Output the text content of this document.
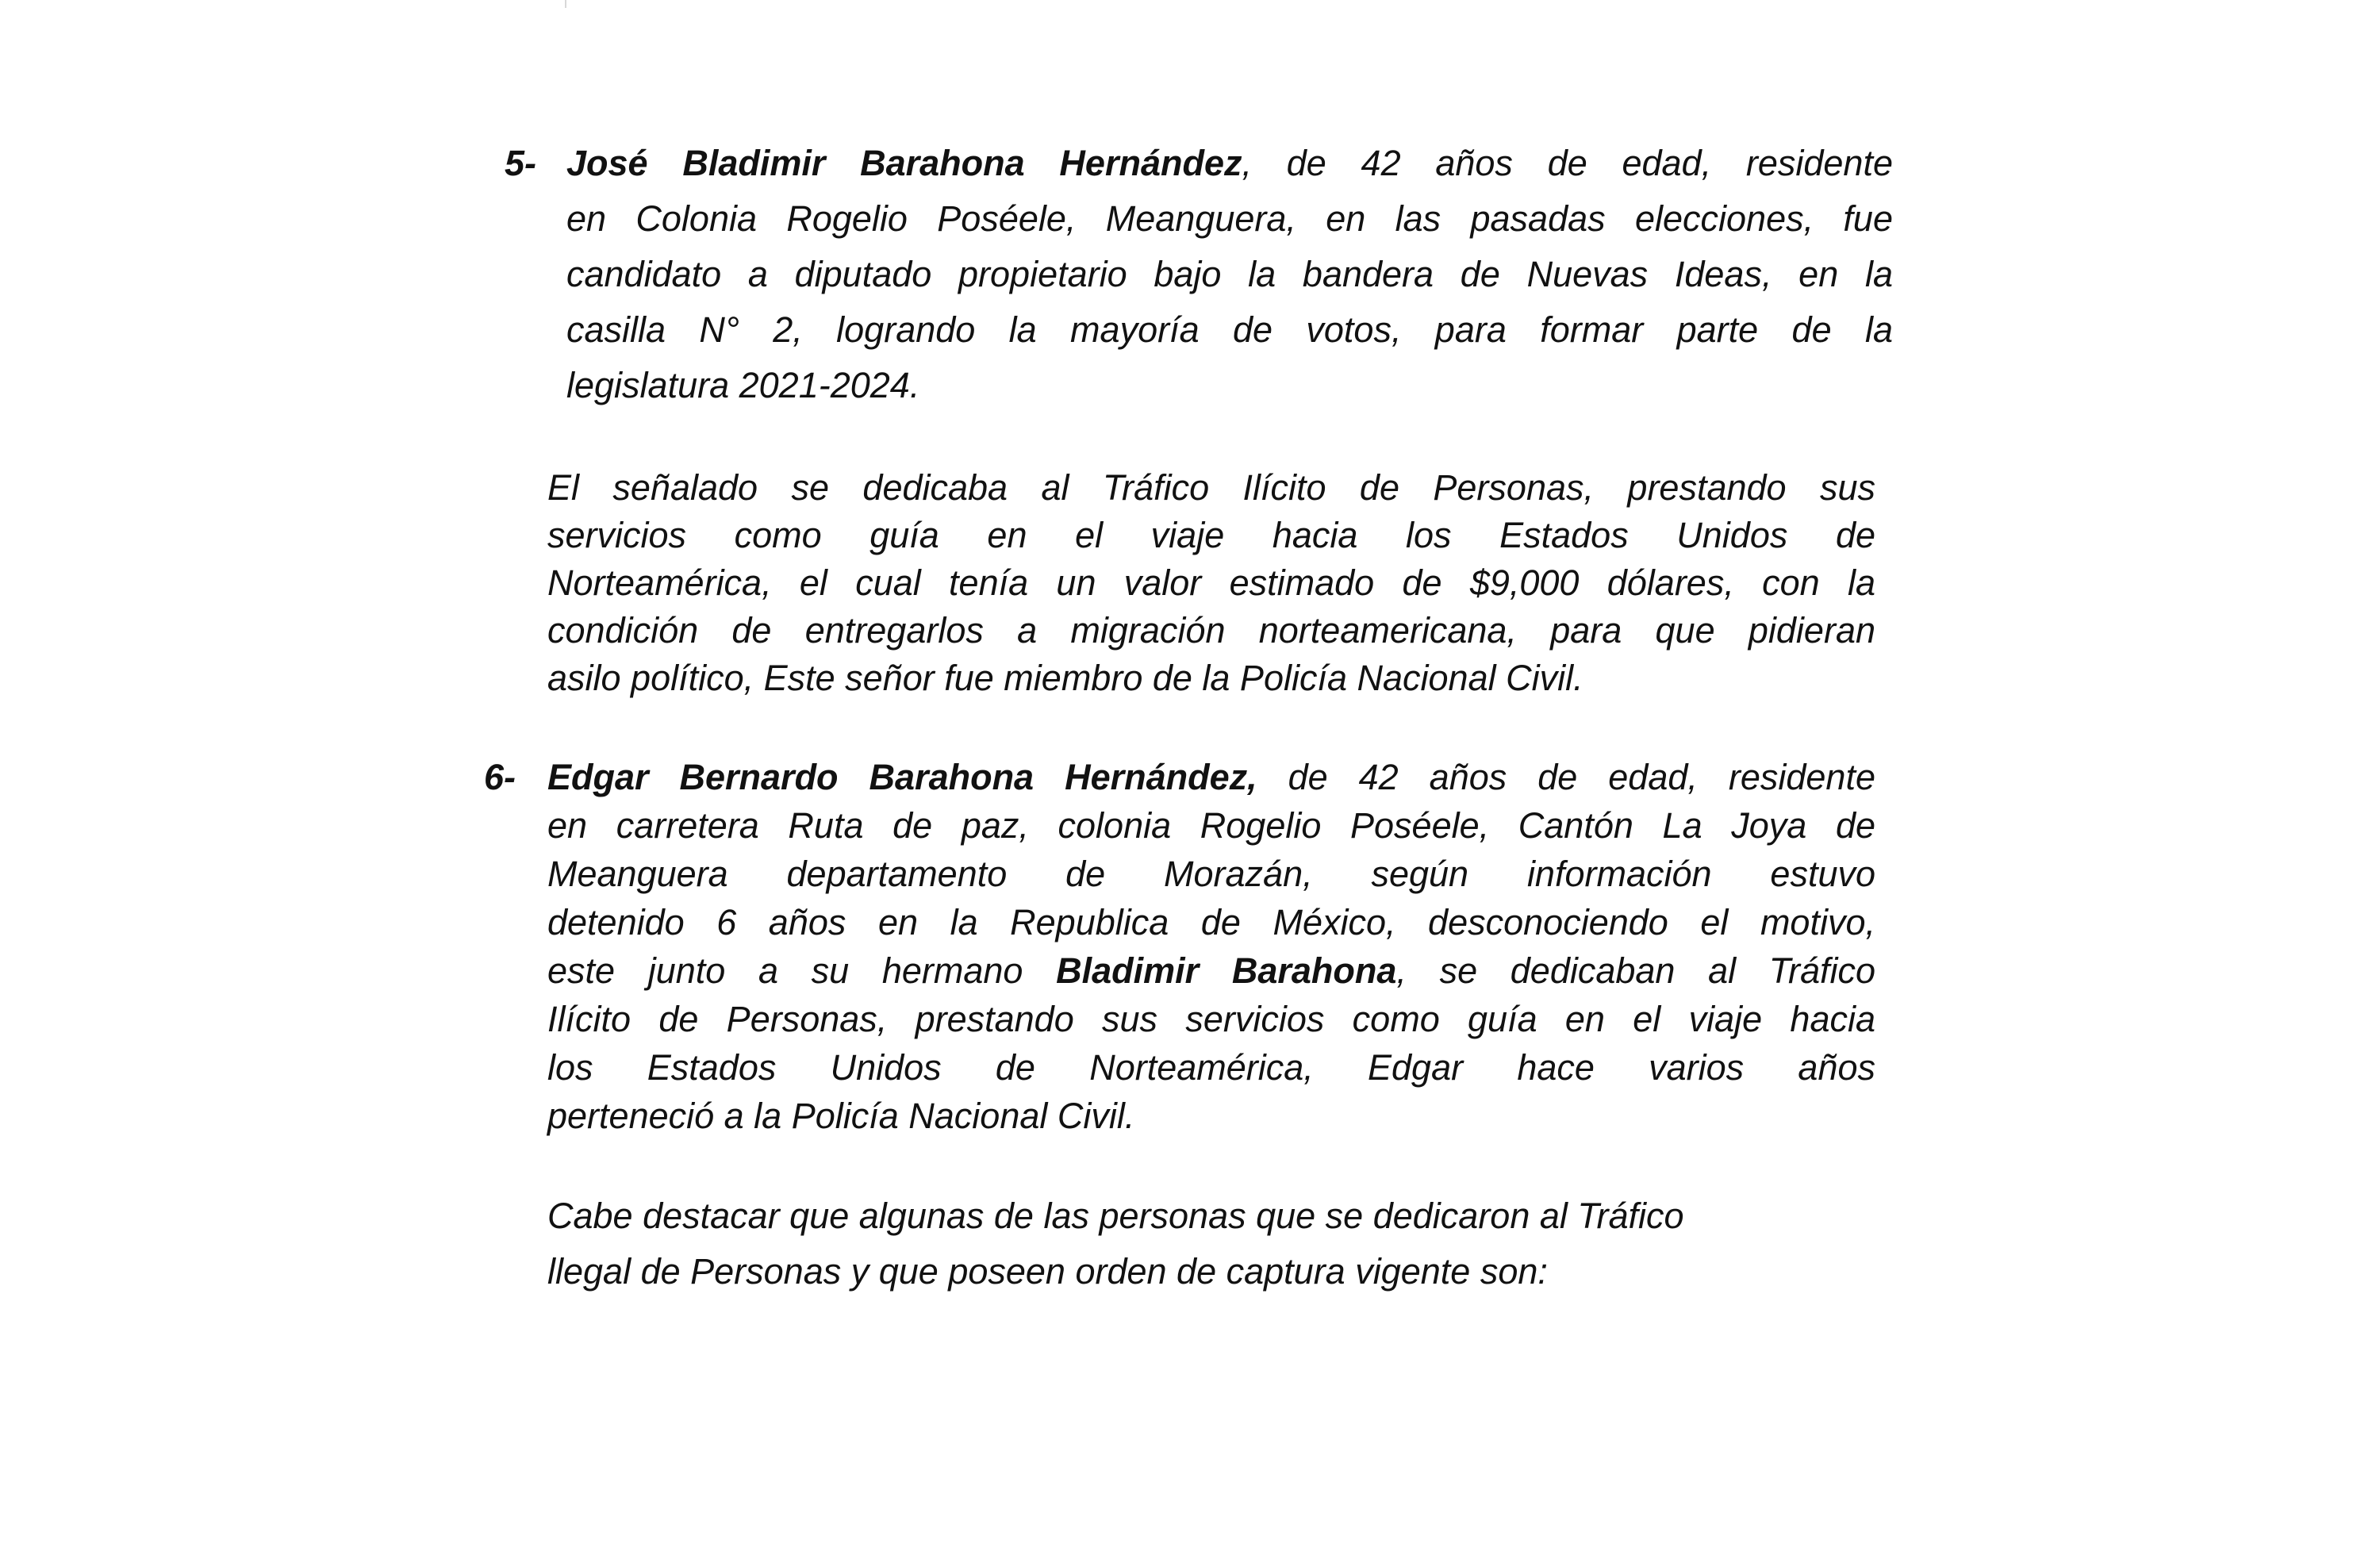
5- José Bladimir Barahona Hernández, de 42 años de edad, residente
en Colonia Rogelio Poséele, Meanguera, en las pasadas elecciones, fue
candidato a diputado propietario bajo la bandera de Nuevas Ideas, en la
casilla N° 2, logrando la mayoría de votos, para formar parte de la
legislatura 2021-2024.
El señalado se dedicaba al Tráfico Ilícito de Personas, prestando sus
servicios como guía en el viaje hacia los Estados Unidos de
Norteamérica, el cual tenía un valor estimado de $9,000 dólares, con la
condición de entregarlos a migración norteamericana, para que pidieran
asilo político, Este señor fue miembro de la Policía Nacional Civil.
6- Edgar Bernardo Barahona Hernández, de 42 años de edad, residente
en carretera Ruta de paz, colonia Rogelio Poséele, Cantón La Joya de
Meanguera departamento de Morazán, según información estuvo
detenido 6 años en la Republica de México, desconociendo el motivo,
este junto a su hermano Bladimir Barahona, se dedicaban al Tráfico
Ilícito de Personas, prestando sus servicios como guía en el viaje hacia
los Estados Unidos de Norteamérica, Edgar hace varios años
perteneció a la Policía Nacional Civil.
Cabe destacar que algunas de las personas que se dedicaron al Tráfico
llegal de Personas y que poseen orden de captura vigente son:
